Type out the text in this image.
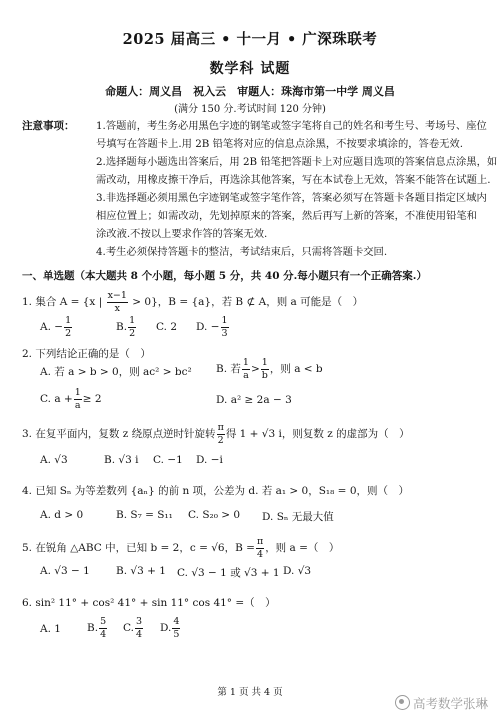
2025 届高三 • 十一月 • 广深珠联考
数学科 试题
命题人：周义昌　祝入云　审题人：珠海市第一中学 周义昌
(满分 150 分.考试时间 120 分钟)
注意事项： 1.答题前，考生务必用黑色字迹的钢笔或签字笔将自己的姓名和考生号、考场号、座位
号填写在答题卡上.用 2B 铅笔将对应的信息点涂黑，不按要求填涂的，答卷无效.
2.选择题每小题选出答案后，用 2B 铅笔把答题卡上对应题目选项的答案信息点涂黑，如
需改动，用橡皮擦干净后，再选涂其他答案，写在本试卷上无效，答案不能答在试题上.
3.非选择题必须用黑色字迹钢笔或签字笔作答，答案必须写在答题卡各题目指定区域内
相应位置上；如需改动，先划掉原来的答案，然后再写上新的答案，不准使用铅笔和
涂改液.不按以上要求作答的答案无效.
4.考生必须保持答题卡的整洁，考试结束后，只需将答题卡交回.
一、单选题（本大题共 8 个小题，每小题 5 分，共 40 分.每小题只有一个正确答案.）
1. 集合 A = {x | $\frac{x-1}{x} > 0$}，B = {a}，若 B ⊄ A，则 a 可能是（　）
A. − $\frac{1}{2}$	B. $\frac{1}{2} C$. 2 D. − $\frac{1}{3}$
2. 下列结论正确的是（　）
A. 若 a > b > 0，则 ac² > bc² B. 若 $\frac{1}{a} > \frac{1}{b}$ ，则 a < b
C. $a + \frac{1}{a} \ge 2$	D. a² ≥ 2a − 3
3. 在复平面内，复数 z 绕原点逆时针旋转 $\frac{\pi}{2}$ 得 1 + √3 i，则复数 z 的虚部为（　）
A. √3	B. √3 i C. −1 D. −i
4. 已知 Sₙ 为等差数列 {aₙ} 的前 n 项，公差为 d. 若 a₁ > 0，S₁₈ = 0，则（　）
A. d > 0	B. S₇ = S₁₁ C. S₂₀ > 0 D. Sₙ 无最大值
5. 在锐角 △ABC 中，已知 b = 2，c = √6，$B = \frac{\pi}{4}$ ，则 a =（　）
A. √3 − 1 B. √3 + 1 C. √3 − 1 或 √3 + 1 D. √3
6. sin² 11° + cos² 41° + sin 11° cos 41° =（　）
A. 1 B. $\frac{5}{4} C$. $\frac{3}{4} D$. $\frac{4}{5}$
第 1 页 共 4 页
高考数学张琳
